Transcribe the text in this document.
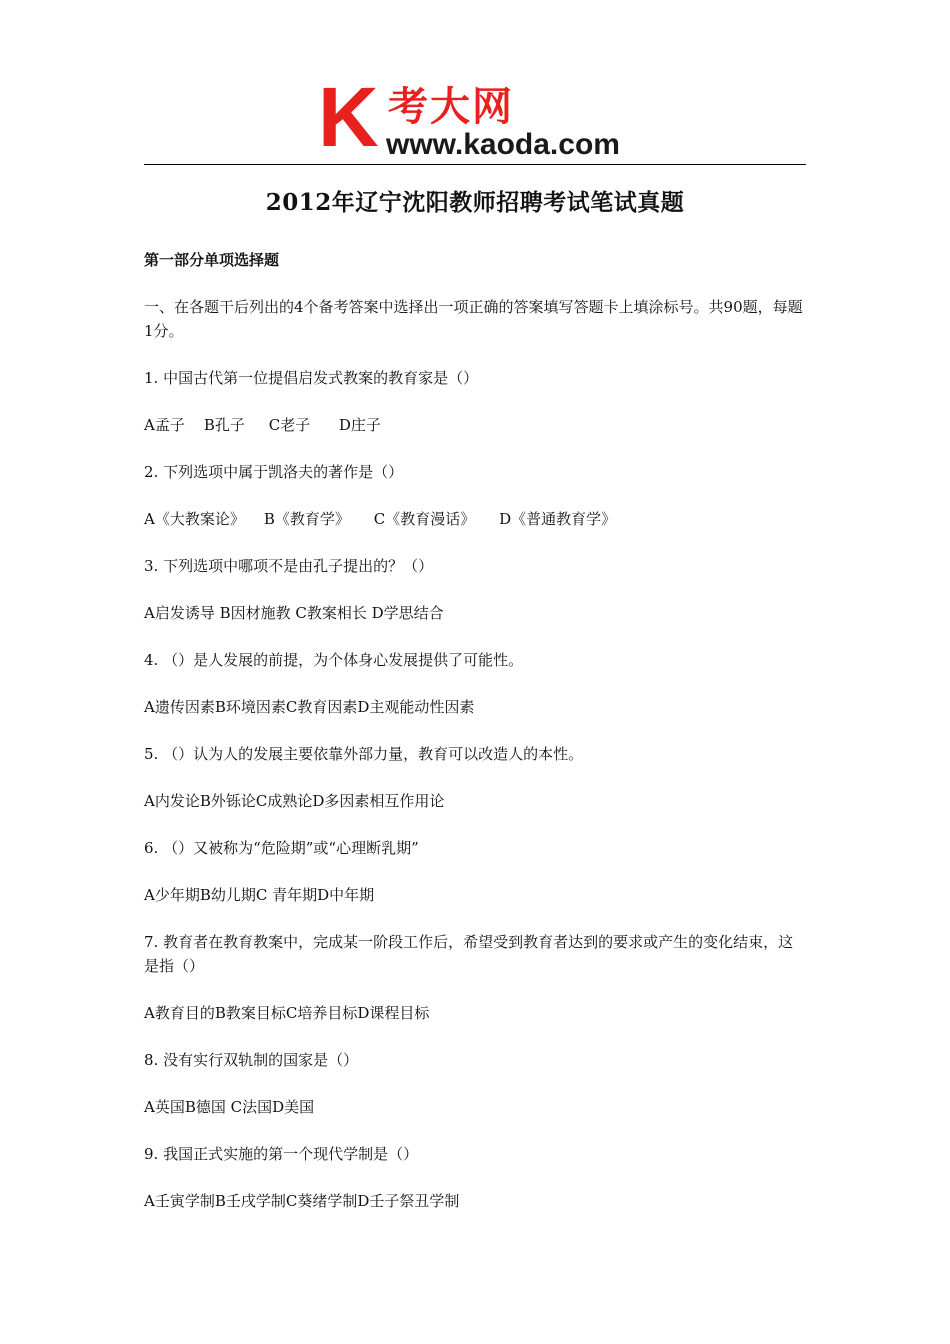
K 考大网
www.kaoda.com
2012年辽宁沈阳教师招聘考试笔试真题

第一部分单项选择题

一、在各题干后列出的4个备考答案中选择出一项正确的答案填写答题卡上填涂标号。共90题，每题1分。

1. 中国古代第一位提倡启发式教案的教育家是（）

A孟子    B孔子     C老子      D庄子

2. 下列选项中属于凯洛夫的著作是（）

A《大教案论》    B《教育学》     C《教育漫话》     D《普通教育学》

3. 下列选项中哪项不是由孔子提出的？（）

A启发诱导 B因材施教 C教案相长 D学思结合

4. （）是人发展的前提，为个体身心发展提供了可能性。

A遗传因素B环境因素C教育因素D主观能动性因素

5. （）认为人的发展主要依靠外部力量，教育可以改造人的本性。

A内发论B外铄论C成熟论D多因素相互作用论

6. （）又被称为“危险期”或“心理断乳期”

A少年期B幼儿期C 青年期D中年期

7. 教育者在教育教案中，完成某一阶段工作后，希望受到教育者达到的要求或产生的变化结束，这是指（）

A教育目的B教案目标C培养目标D课程目标

8. 没有实行双轨制的国家是（）

A英国B德国 C法国D美国

9. 我国正式实施的第一个现代学制是（）

A壬寅学制B壬戌学制C葵绪学制D壬子祭丑学制
